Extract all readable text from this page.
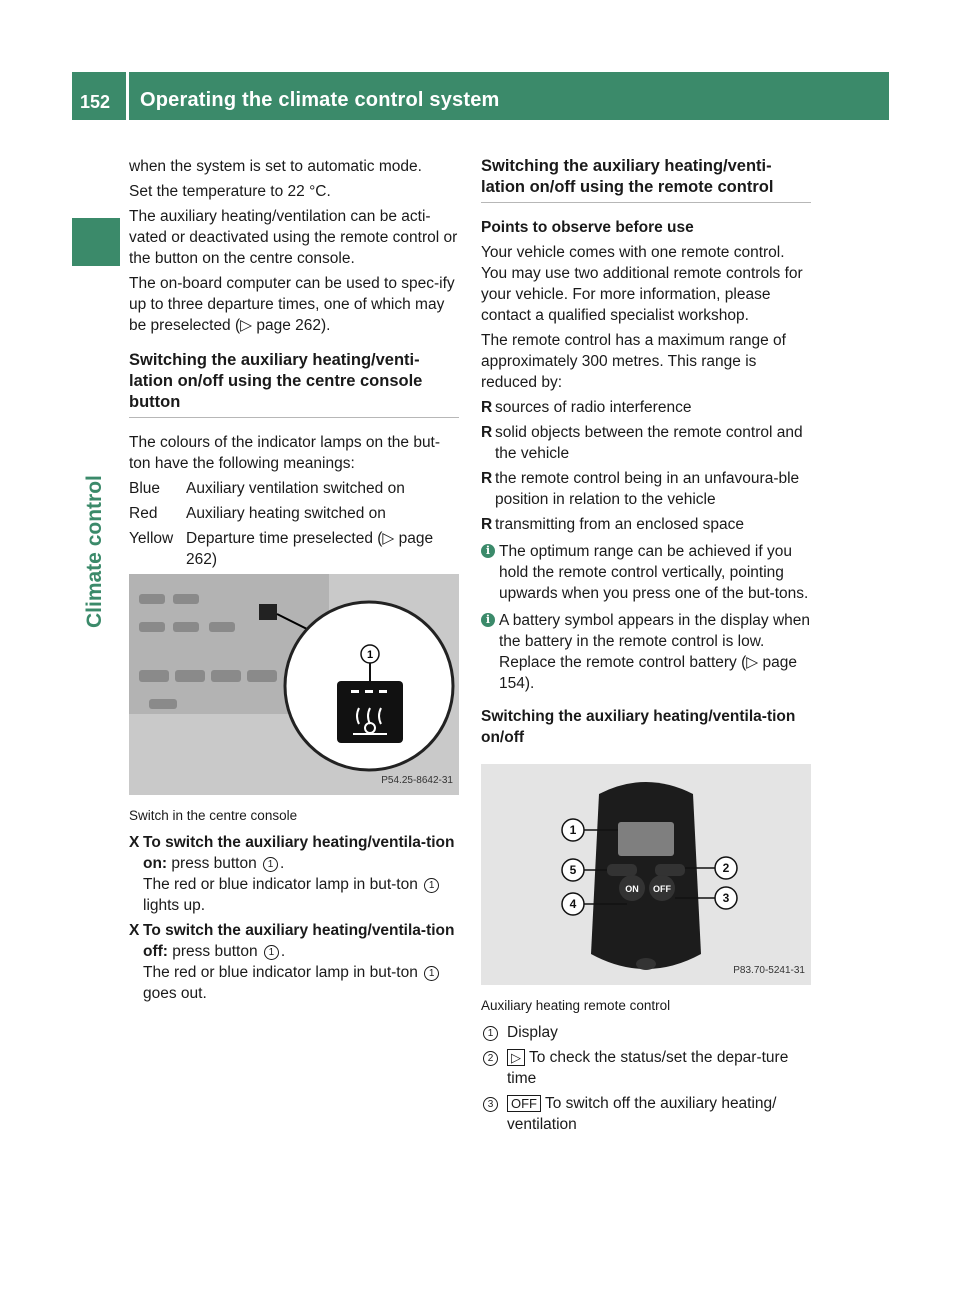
152	Operating the climate control system
Climate control

when the system is set to automatic mode.

Set the temperature to 22 °C.

The auxiliary heating/ventilation can be acti-vated or deactivated using the remote control or the button on the centre console.

The on-board computer can be used to spec-ify up to three departure times, one of which may be preselected (▷ page 262).

Switching the auxiliary heating/venti-lation on/off using the centre console button

The colours of the indicator lamps on the but-ton have the following meanings:

Blue	Auxiliary ventilation switched on
Red	Auxiliary heating switched on
Yellow Departure time preselected (▷ page 262)
1
P54.25-8642-31
Switch in the centre console
X To switch the auxiliary heating/ventila-tion on: press button 1 .
The red or blue indicator lamp in but-ton 1 lights up.
X To switch the auxiliary heating/ventila-tion off: press button 1 .
The red or blue indicator lamp in but-ton 1 goes out.
Switching the auxiliary heating/venti-lation on/off using the remote control
Points to observe before use

Your vehicle comes with one remote control. You may use two additional remote controls for your vehicle. For more information, please contact a qualified specialist workshop.

The remote control has a maximum range of approximately 300 metres. This range is reduced by:

R sources of radio interference
R solid objects between the remote control and the vehicle
R the remote control being in an unfavoura-ble position in relation to the vehicle
R transmitting from an enclosed space
i The optimum range can be achieved if you hold the remote control vertically, pointing upwards when you press one of the but-tons.
i A battery symbol appears in the display when the battery in the remote control is low. Replace the remote control battery (▷ page 154).
Switching the auxiliary heating/ventila-tion on/off
ON OFF
1
5
4
2
3
P83.70-5241-31
Auxiliary heating remote control
1 Display
2	▷ To check the status/set the depar-ture time
3	OFF To switch off the auxiliary heating/ ventilation
